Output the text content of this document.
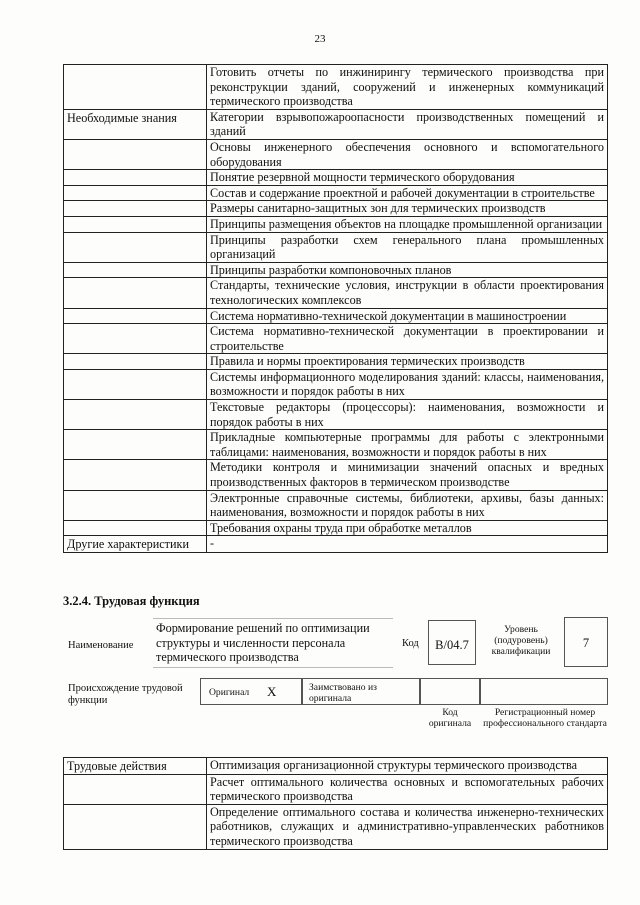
23
	Готовить отчеты по инжинирингу термического производства при реконструкции зданий, сооружений и инженерных коммуникаций термического производства
Необходимые знания	Категории взрывопожароопасности производственных помещений и зданий
	Основы инженерного обеспечения основного и вспомогательного оборудования
	Понятие резервной мощности термического оборудования
	Состав и содержание проектной и рабочей документации в строительстве
	Размеры санитарно-защитных зон для термических производств
	Принципы размещения объектов на площадке промышленной организации
	Принципы разработки схем генерального плана промышленных организаций
	Принципы разработки компоновочных планов
	Стандарты, технические условия, инструкции в области проектирования технологических комплексов
	Система нормативно-технической документации в машиностроении
	Система нормативно-технической документации в проектировании и строительстве
	Правила и нормы проектирования термических производств
	Системы информационного моделирования зданий: классы, наименования, возможности и порядок работы в них
	Текстовые редакторы (процессоры): наименования, возможности и порядок работы в них
	Прикладные компьютерные программы для работы с электронными таблицами: наименования, возможности и порядок работы в них
	Методики контроля и минимизации значений опасных и вредных производственных факторов в термическом производстве
	Электронные справочные системы, библиотеки, архивы, базы данных: наименования, возможности и порядок работы в них
	Требования охраны труда при обработке металлов
Другие характеристики	-
3.2.4. Трудовая функция
Наименование
Формирование решений по оптимизации структуры и численности персонала термического производства
Код	B/04.7
Уровень (подуровень) квалификации
7
Происхождение трудовой функции
Оригинал X	Заимствовано из оригинала
Код оригинала
Регистрационный номер профессионального стандарта
Трудовые действия	Оптимизация организационной структуры термического производства
	Расчет оптимального количества основных и вспомогательных рабочих термического производства
	Определение оптимального состава и количества инженерно-технических работников, служащих и административно-управленческих работников термического производства
